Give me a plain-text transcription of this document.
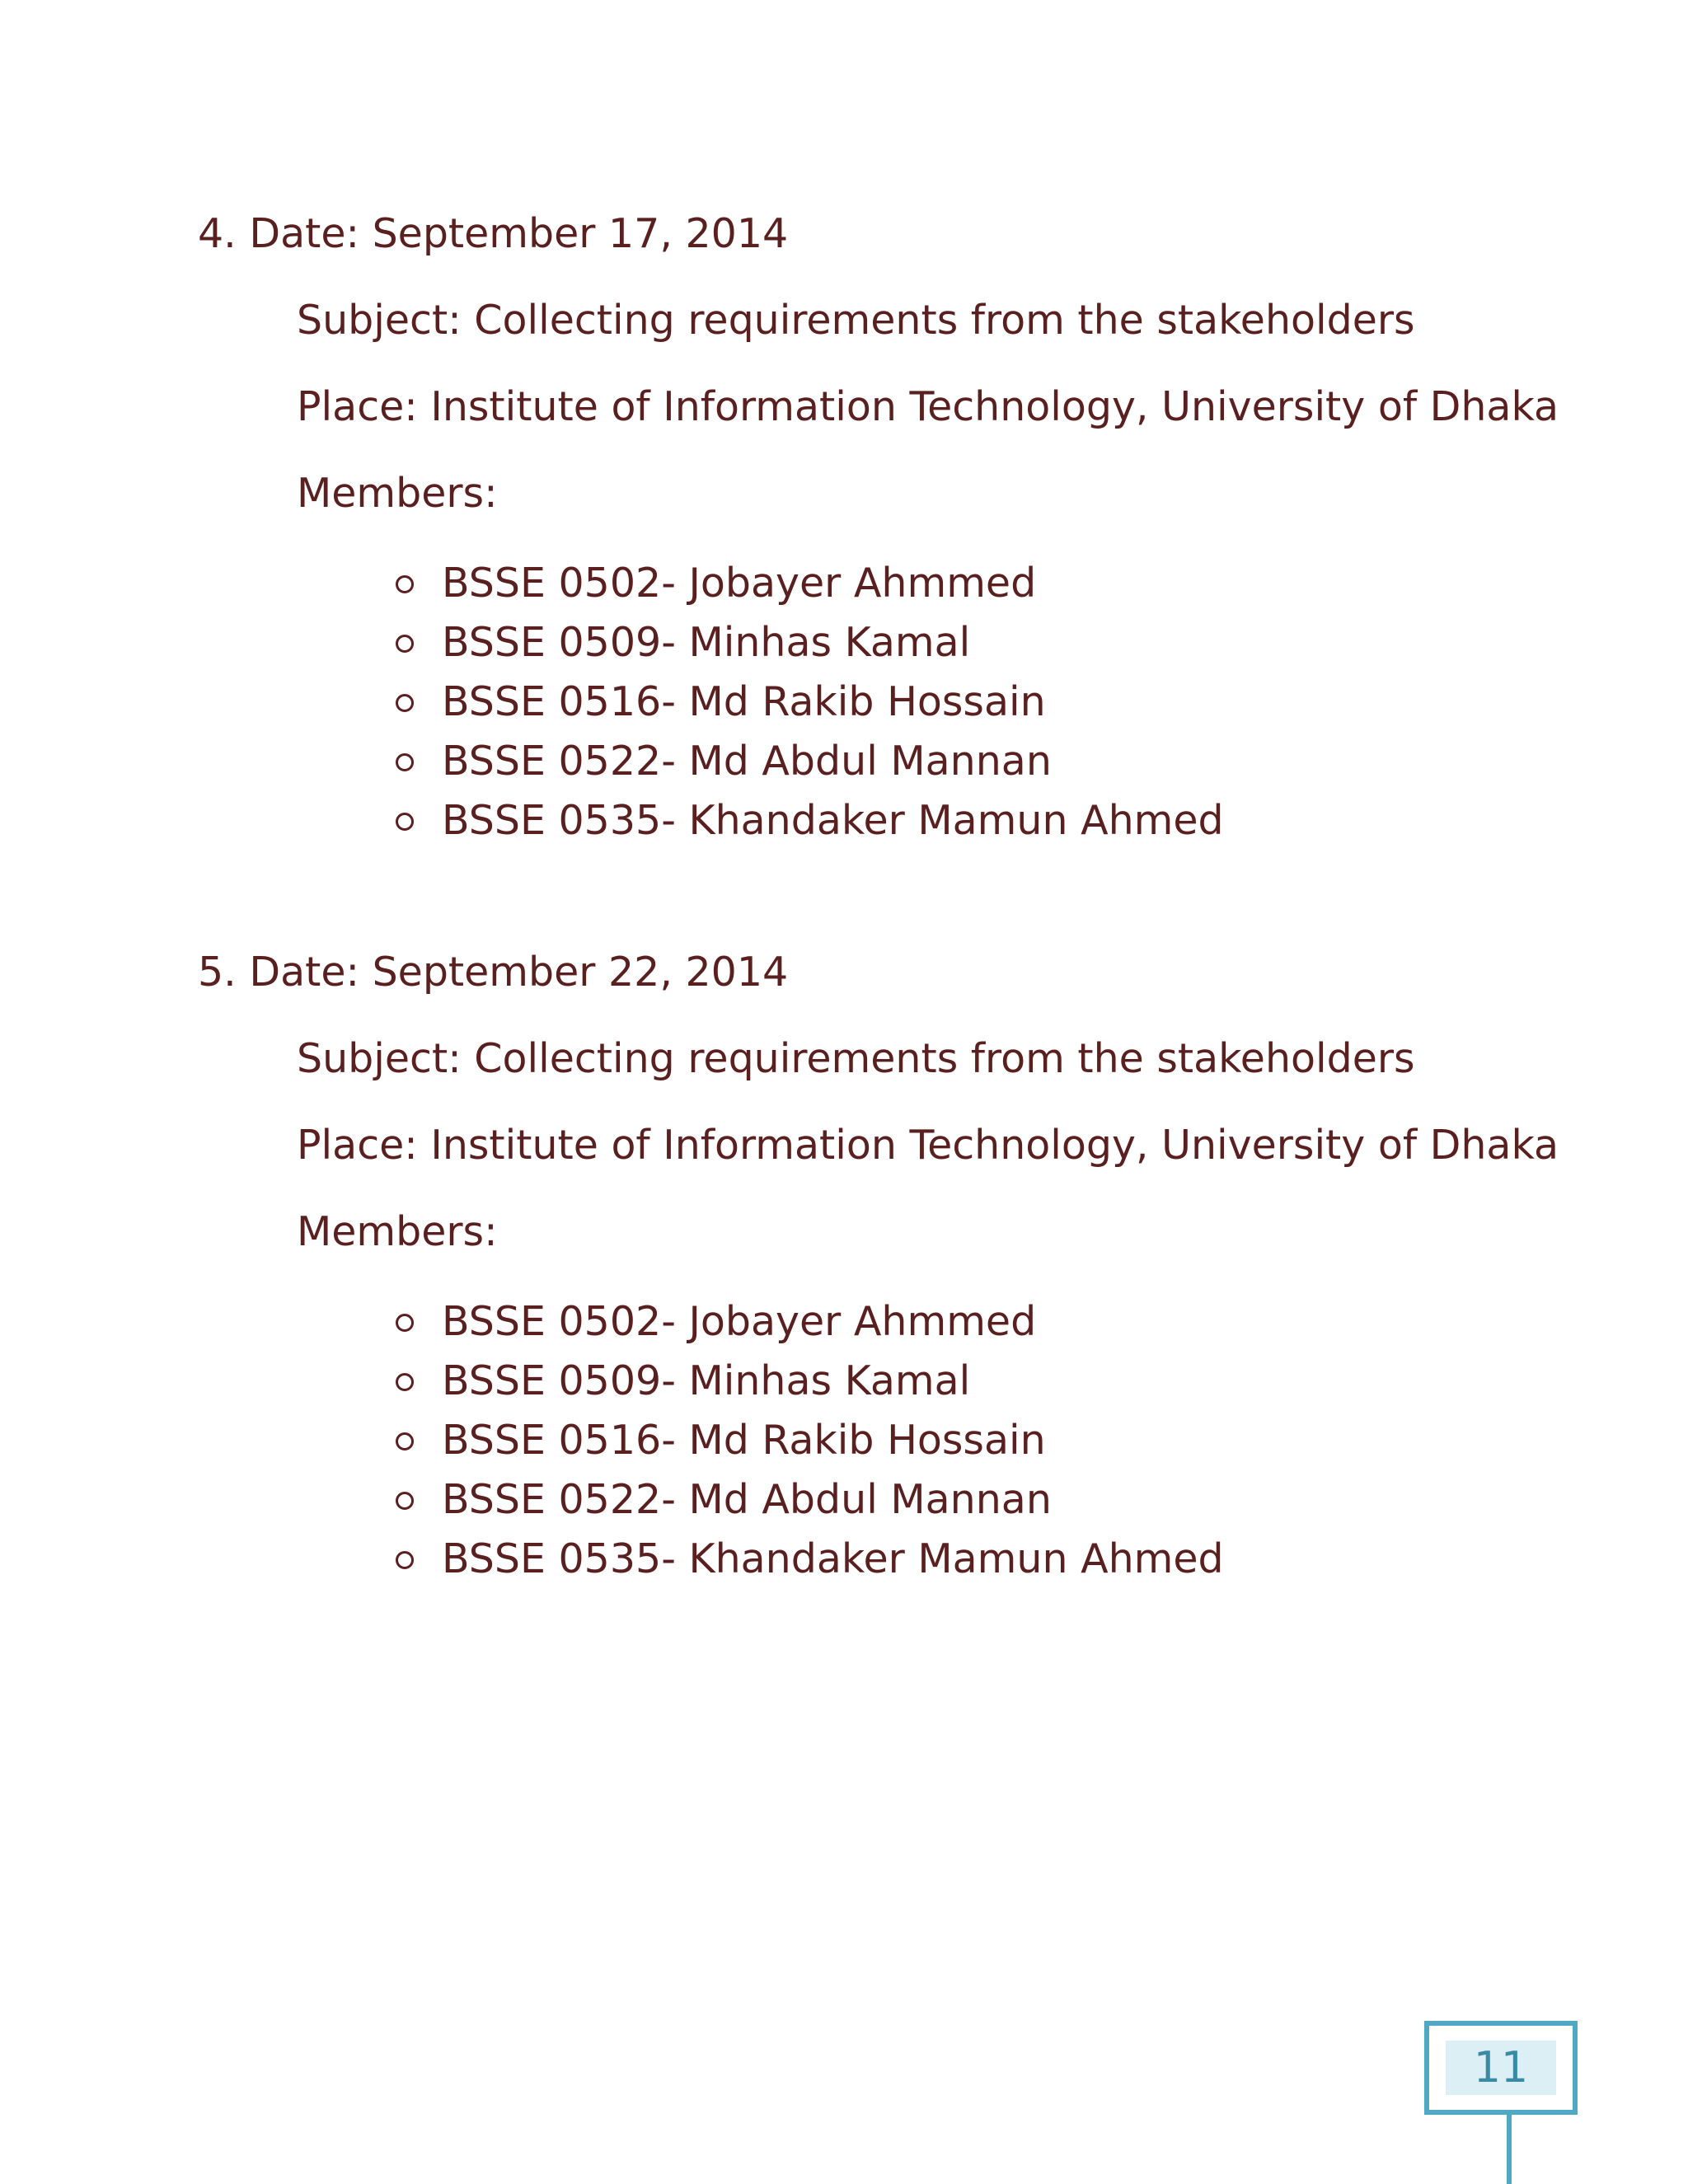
4. Date: September 17, 2014
Subject: Collecting requirements from the stakeholders
Place: Institute of Information Technology, University of Dhaka
Members:
BSSE 0502- Jobayer Ahmmed
BSSE 0509- Minhas Kamal
BSSE 0516- Md Rakib Hossain
BSSE 0522- Md Abdul Mannan
BSSE 0535- Khandaker Mamun Ahmed
5. Date: September 22, 2014
Subject: Collecting requirements from the stakeholders
Place: Institute of Information Technology, University of Dhaka
Members:
BSSE 0502- Jobayer Ahmmed
BSSE 0509- Minhas Kamal
BSSE 0516- Md Rakib Hossain
BSSE 0522- Md Abdul Mannan
BSSE 0535- Khandaker Mamun Ahmed
11
